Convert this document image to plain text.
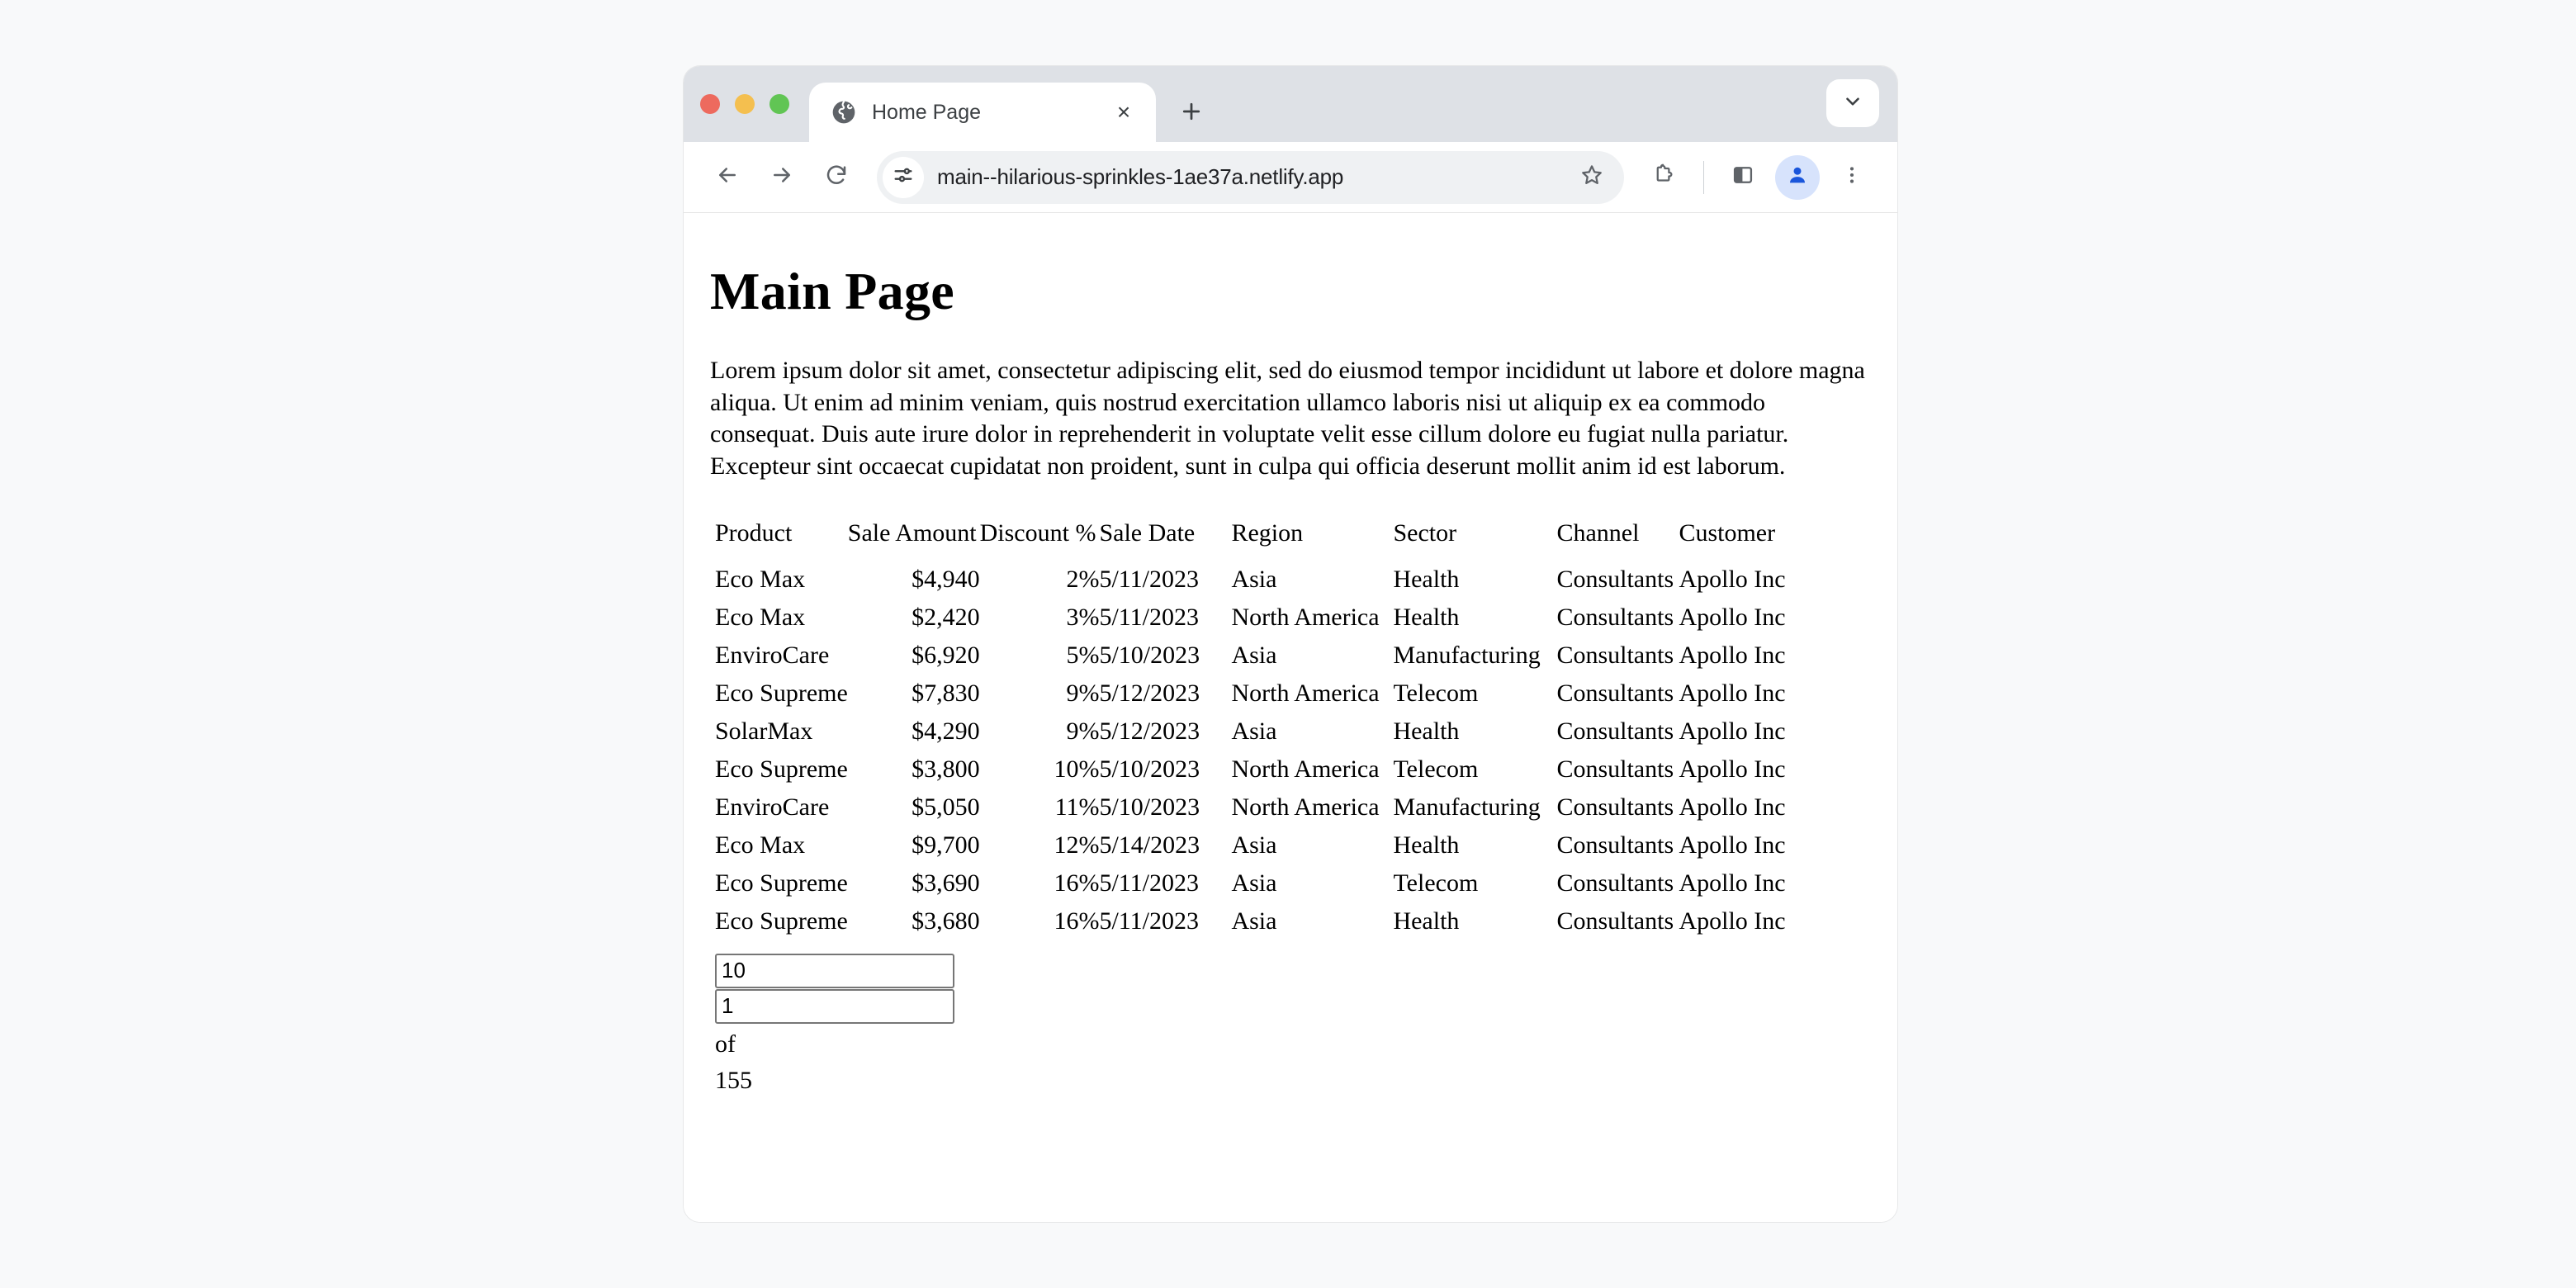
Home Page	×
main--hilarious-sprinkles-1ae37a.netlify.app
Main Page

Lorem ipsum dolor sit amet, consectetur adipiscing elit, sed do eiusmod tempor incididunt ut labore et dolore magna aliqua. Ut enim ad minim veniam, quis nostrud exercitation ullamco laboris nisi ut aliquip ex ea commodo consequat. Duis aute irure dolor in reprehenderit in voluptate velit esse cillum dolore eu fugiat nulla pariatur. Excepteur sint occaecat cupidatat non proident, sunt in culpa qui officia deserunt mollit anim id est laborum.

Product	Sale Amount	Discount %	Sale Date	Region	Sector	Channel	Customer
Eco Max	$4,940	2%	5/11/2023	Asia	Health	Consultants	Apollo Inc
Eco Max	$2,420	3%	5/11/2023	North America	Health	Consultants	Apollo Inc
EnviroCare	$6,920	5%	5/10/2023	Asia	Manufacturing	Consultants	Apollo Inc
Eco Supreme	$7,830	9%	5/12/2023	North America	Telecom	Consultants	Apollo Inc
SolarMax	$4,290	9%	5/12/2023	Asia	Health	Consultants	Apollo Inc
Eco Supreme	$3,800	10%	5/10/2023	North America	Telecom	Consultants	Apollo Inc
EnviroCare	$5,050	11%	5/10/2023	North America	Manufacturing	Consultants	Apollo Inc
Eco Max	$9,700	12%	5/14/2023	Asia	Health	Consultants	Apollo Inc
Eco Supreme	$3,690	16%	5/11/2023	Asia	Telecom	Consultants	Apollo Inc
Eco Supreme	$3,680	16%	5/11/2023	Asia	Health	Consultants	Apollo Inc
10
1
of
155
